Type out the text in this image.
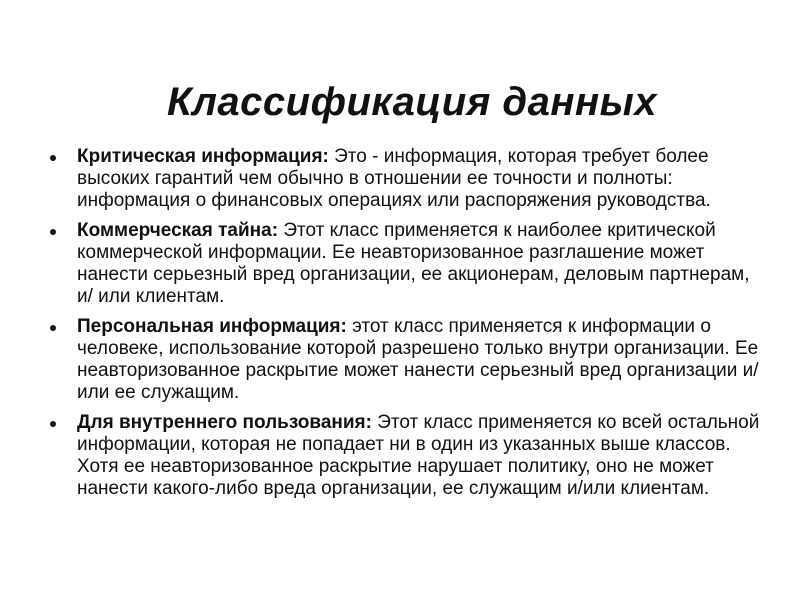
Классификация данных
Критическая информация: Это - информация, которая требует более высоких гарантий чем обычно в отношении ее точности и полноты: информация о финансовых операциях или распоряжения руководства.
Коммерческая тайна: Этот класс применяется к наиболее критической коммерческой информации. Ее неавторизованное разглашение может нанести серьезный вред организации, ее акционерам, деловым партнерам, и/ или клиентам.
Персональная информация: этот класс применяется к информации о человеке, использование которой разрешено только внутри организации. Ее неавторизованное раскрытие может нанести серьезный вред организации и/или ее служащим.
Для внутреннего пользования: Этот класс применяется ко всей остальной информации, которая не попадает ни в один из указанных выше классов. Хотя ее неавторизованное раскрытие нарушает политику, оно не может нанести какого-либо вреда организации, ее служащим и/или клиентам.
